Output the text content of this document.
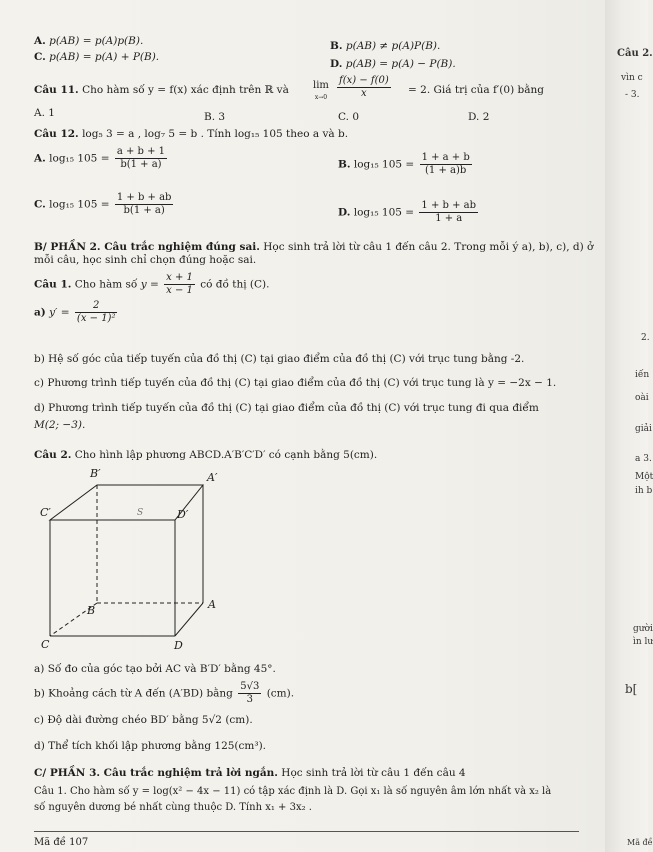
A. p(AB) = p(A)p(B).	B. p(AB) ≠ p(A)P(B).
C. p(AB) = p(A) + P(B).
D. p(AB) = p(A) − P(B).
Câu 11. Cho hàm số y = f(x) xác định trên ℝ và lim
$x\to 0 \frac{f(x) - f(0)}{x} = 2$. Giá trị của f′(0) bằng
A. 1	B. 3	C. 0	D. 2
Câu 12. log₅ 3 = a , log₇ 5 = b . Tính log₁₅ 105 theo a và b.
A. log₁₅ $105 = \frac{a + b + 1}{b(1 + a)}$	B. log₁₅ $105 = \frac{1 + a + b}{(1 + a)b}$
C. log₁₅ $105 = \frac{1 + b + ab}{b(1 + a)}$	D. log₁₅ $105 = \frac{1 + b + ab}{1 + a}$
B/ PHẦN 2. Câu trắc nghiệm đúng sai. Học sinh trả lời từ câu 1 đến câu 2. Trong mỗi ý a), b), c), d) ở
mỗi câu, học sinh chỉ chọn đúng hoặc sai.
Câu 1. Cho hàm số $y = \frac{x + 1}{x - 1}$ có đồ thị (C).
a) $y' = \frac{2}{\text{(x − 1)²}}$
b) Hệ số góc của tiếp tuyến của đồ thị (C) tại giao điểm của đồ thị (C) với trục tung bằng -2.
c) Phương trình tiếp tuyến của đồ thị (C) tại giao điểm của đồ thị (C) với trục tung là y = −2x − 1.
d) Phương trình tiếp tuyến của đồ thị (C) tại giao điểm của đồ thị (C) với trục tung đi qua điểm
M(2; −3).
Câu 2. Cho hình lập phương ABCD.A′B′C′D′ có cạnh bằng 5(cm).
B′	A′
C′	D′
S
B	A
C	D
a) Số đo của góc tạo bởi AC và B′D′ bằng 45°.
b) Khoảng cách từ A đến (A′BD) bằng $\frac{5√3}{3} (cm)$.
c) Độ dài đường chéo BD′ bằng 5√2 (cm).
d) Thể tích khối lập phương bằng 125(cm³).
C/ PHẦN 3. Câu trắc nghiệm trả lời ngắn. Học sinh trả lời từ câu 1 đến câu 4
Câu 1. Cho hàm số y = log(x² − 4x − 11) có tập xác định là D. Gọi x₁ là số nguyên âm lớn nhất và x₂ là
số nguyên dương bé nhất cùng thuộc D. Tính x₁ + 3x₂ .
Mã đề 107
Câu 2.
vìn c
- 3.
2.
iến
oài
giải
a 3.
Một
ih b
gười
ìn lư
b[
Mã đề
